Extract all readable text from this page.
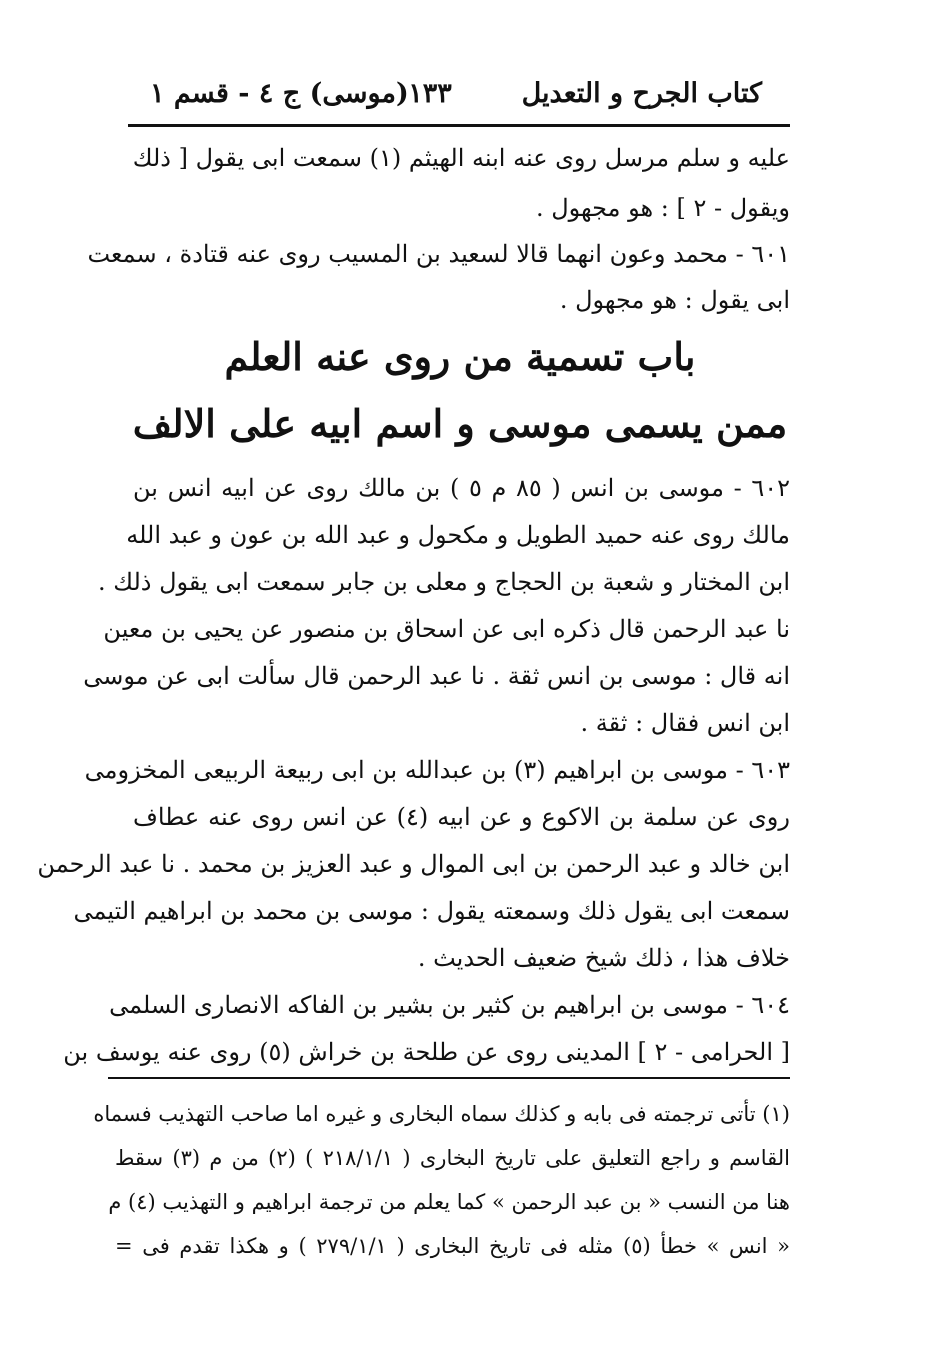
كتاب الجرح و التعديل
١٣٣
(موسى) ج ٤ - قسم ١
عليه و سلم مرسل روى عنه ابنه الهيثم (١) سمعت ابى يقول [ ذلك
ويقول - ٢ ] : هو مجهول .
٦٠١ - محمد وعون انهما قالا لسعيد بن المسيب روى عنه قتادة ، سمعت
ابى يقول : هو مجهول .
باب تسمية من روى عنه العلم
ممن يسمى موسى و اسم ابيه على الالف
٦٠٢ - موسى بن انس ( ٨٥ م ٥ ) بن مالك روى عن ابيه انس بن
مالك روى عنه حميد الطويل و مكحول و عبد الله بن عون و عبد الله
ابن المختار و شعبة بن الحجاج و معلى بن جابر سمعت ابى يقول ذلك .
نا عبد الرحمن قال ذكره ابى عن اسحاق بن منصور عن يحيى بن معين
انه قال : موسى بن انس ثقة . نا عبد الرحمن قال سألت ابى عن موسى
ابن انس فقال : ثقة .
٦٠٣ - موسى بن ابراهيم (٣) بن عبدالله بن ابى ربيعة الربيعى المخزومى
روى عن سلمة بن الاكوع و عن ابيه (٤) عن انس روى عنه عطاف
ابن خالد و عبد الرحمن بن ابى الموال و عبد العزيز بن محمد . نا عبد الرحمن
سمعت ابى يقول ذلك وسمعته يقول : موسى بن محمد بن ابراهيم التيمى
خلاف هذا ، ذلك شيخ ضعيف الحديث .
٦٠٤ - موسى بن ابراهيم بن كثير بن بشير بن الفاكه الانصارى السلمى
[ الحرامى - ٢ ] المدينى روى عن طلحة بن خراش (٥) روى عنه يوسف بن
(١) تأتى ترجمته فى بابه و كذلك سماه البخارى و غيره اما صاحب التهذيب فسماه
القاسم و راجع التعليق على تاريخ البخارى ( ٢١٨/١/١ ) (٢) من م (٣) سقط
هنا من النسب « بن عبد الرحمن » كما يعلم من ترجمة ابراهيم و التهذيب (٤) م
« انس » خطأ (٥) مثله فى تاريخ البخارى ( ٢٧٩/١/١ ) و هكذا تقدم فى =
